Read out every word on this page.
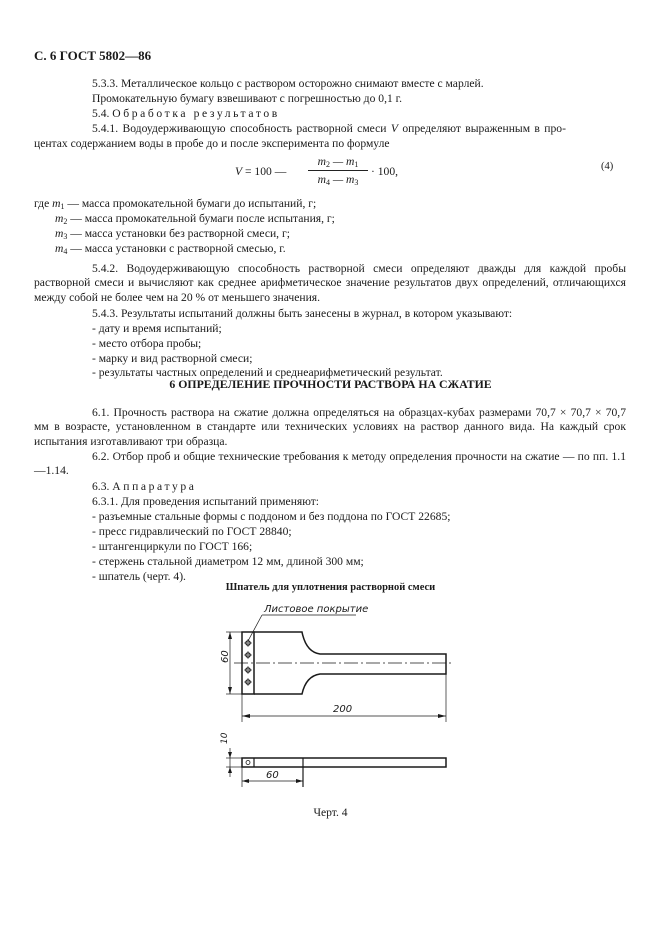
С. 6 ГОСТ 5802—86
5.3.3. Металлическое кольцо с раствором осторожно снимают вместе с марлей.
Промокательную бумагу взвешивают с погрешностью до 0,1 г.
5.4. Обработка результатов
5.4.1. Водоудерживающую способность растворной смеси V определяют выраженным в про-
центах содержанием воды в пробе до и после эксперимента по формуле
V = 100 — $\frac{m_2 — m_1}{m_4 — m_3} \cdot 100$,	(4)
где $m_1$ — масса промокательной бумаги до испытаний, г;
$m_2$ — масса промокательной бумаги после испытания, г;
$m_3$ — масса установки без растворной смеси, г;
$m_4$ — масса установки с растворной смесью, г.
5.4.2. Водоудерживающую способность растворной смеси определяют дважды для каждой пробы растворной смеси и вычисляют как среднее арифметическое значение результатов двух определений, отличающихся между собой не более чем на 20 % от меньшего значения.
5.4.3. Результаты испытаний должны быть занесены в журнал, в котором указывают:
- дату и время испытаний;
- место отбора пробы;
- марку и вид растворной смеси;
- результаты частных определений и среднеарифметический результат.
6 ОПРЕДЕЛЕНИЕ ПРОЧНОСТИ РАСТВОРА НА СЖАТИЕ
6.1. Прочность раствора на сжатие должна определяться на образцах-кубах размерами 70,7 × 70,7 × 70,7 мм в возрасте, установленном в стандарте или технических условиях на раствор данного вида. На каждый срок испытания изготавливают три образца.
6.2. Отбор проб и общие технические требования к методу определения прочности на сжатие — по пп. 1.1—1.14.
6.3. Аппаратура
6.3.1. Для проведения испытаний применяют:
- разъемные стальные формы с поддоном и без поддона по ГОСТ 22685;
- пресс гидравлический по ГОСТ 28840;
- штангенциркули по ГОСТ 166;
- стержень стальной диаметром 12 мм, длиной 300 мм;
- шпатель (черт. 4).
Шпатель для уплотнения растворной смеси
Листовое покрытие
60
200
10
60
Черт. 4
